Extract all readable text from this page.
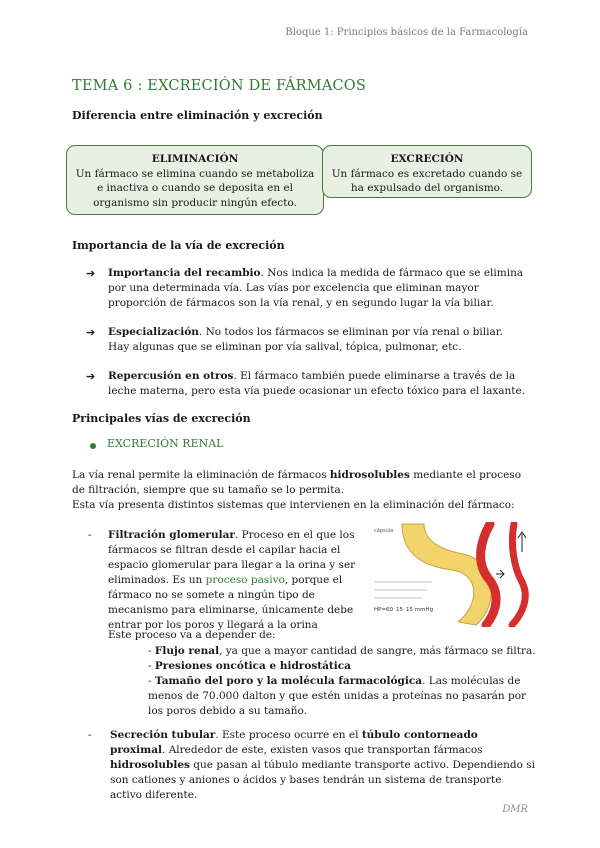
Bloque 1: Principios básicos de la Farmacología
TEMA 6 : EXCRECIÓN DE FÁRMACOS
Diferencia entre eliminación y excreción
ELIMINACIÓN
Un fármaco se elimina cuando se metaboliza e inactiva o cuando se deposita en el organismo sin producir ningún efecto.
EXCRECIÓN
Un fármaco es excretado cuando se ha expulsado del organismo.
Importancia de la vía de excreción
➔ Importancia del recambio. Nos indica la medida de fármaco que se elimina por una determinada vía. Las vías por excelencia que eliminan mayor proporción de fármacos son la vía renal, y en segundo lugar la vía biliar.
➔ Especialización. No todos los fármacos se eliminan por vía renal o biliar. Hay algunas que se eliminan por vía salival, tópica, pulmonar, etc.
➔ Repercusión en otros. El fármaco también puede eliminarse a través de la leche materna, pero esta vía puede ocasionar un efecto tóxico para el laxante.
Principales vías de excreción
EXCRECIÓN RENAL
La vía renal permite la eliminación de fármacos hidrosolubles mediante el proceso de filtración, siempre que su tamaño se lo permita.
Esta vía presenta distintos sistemas que intervienen en la eliminación del fármaco:
- Filtración glomerular. Proceso en el que los fármacos se filtran desde el capilar hacia el espacio glomerular para llegar a la orina y ser eliminados. Es un proceso pasivo, porque el fármaco no se somete a ningún tipo de mecanismo para eliminarse, únicamente debe entrar por los poros y llegará a la orina
Este proceso va a depender de:
- Flujo renal, ya que a mayor cantidad de sangre, más fármaco se filtra.
- Presiones oncótica e hidrostática
- Tamaño del poro y la molécula farmacológica. Las moléculas de menos de 70.000 dalton y que estén unidas a proteínas no pasarán por los poros debido a su tamaño.
- Secreción tubular. Este proceso ocurre en el túbulo contorneado proximal. Alrededor de este, existen vasos que transportan fármacos hidrosolubles que pasan al túbulo mediante transporte activo. Dependiendo si son cationes y aniones o ácidos y bases tendrán un sistema de transporte activo diferente.
cápsula
HP=60 15 15 mmHg
DMR
